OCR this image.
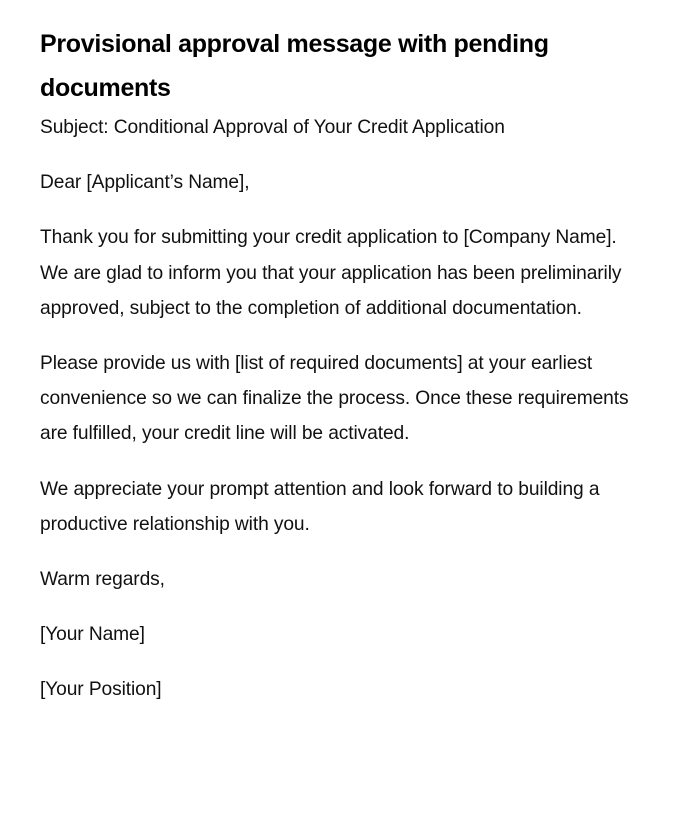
Provisional approval message with pending documents

Subject: Conditional Approval of Your Credit Application

Dear [Applicant’s Name],

Thank you for submitting your credit application to [Company Name]. We are glad to inform you that your application has been preliminarily approved, subject to the completion of additional documentation.

Please provide us with [list of required documents] at your earliest convenience so we can finalize the process. Once these requirements are fulfilled, your credit line will be activated.

We appreciate your prompt attention and look forward to building a productive relationship with you.

Warm regards,

[Your Name]

[Your Position]
